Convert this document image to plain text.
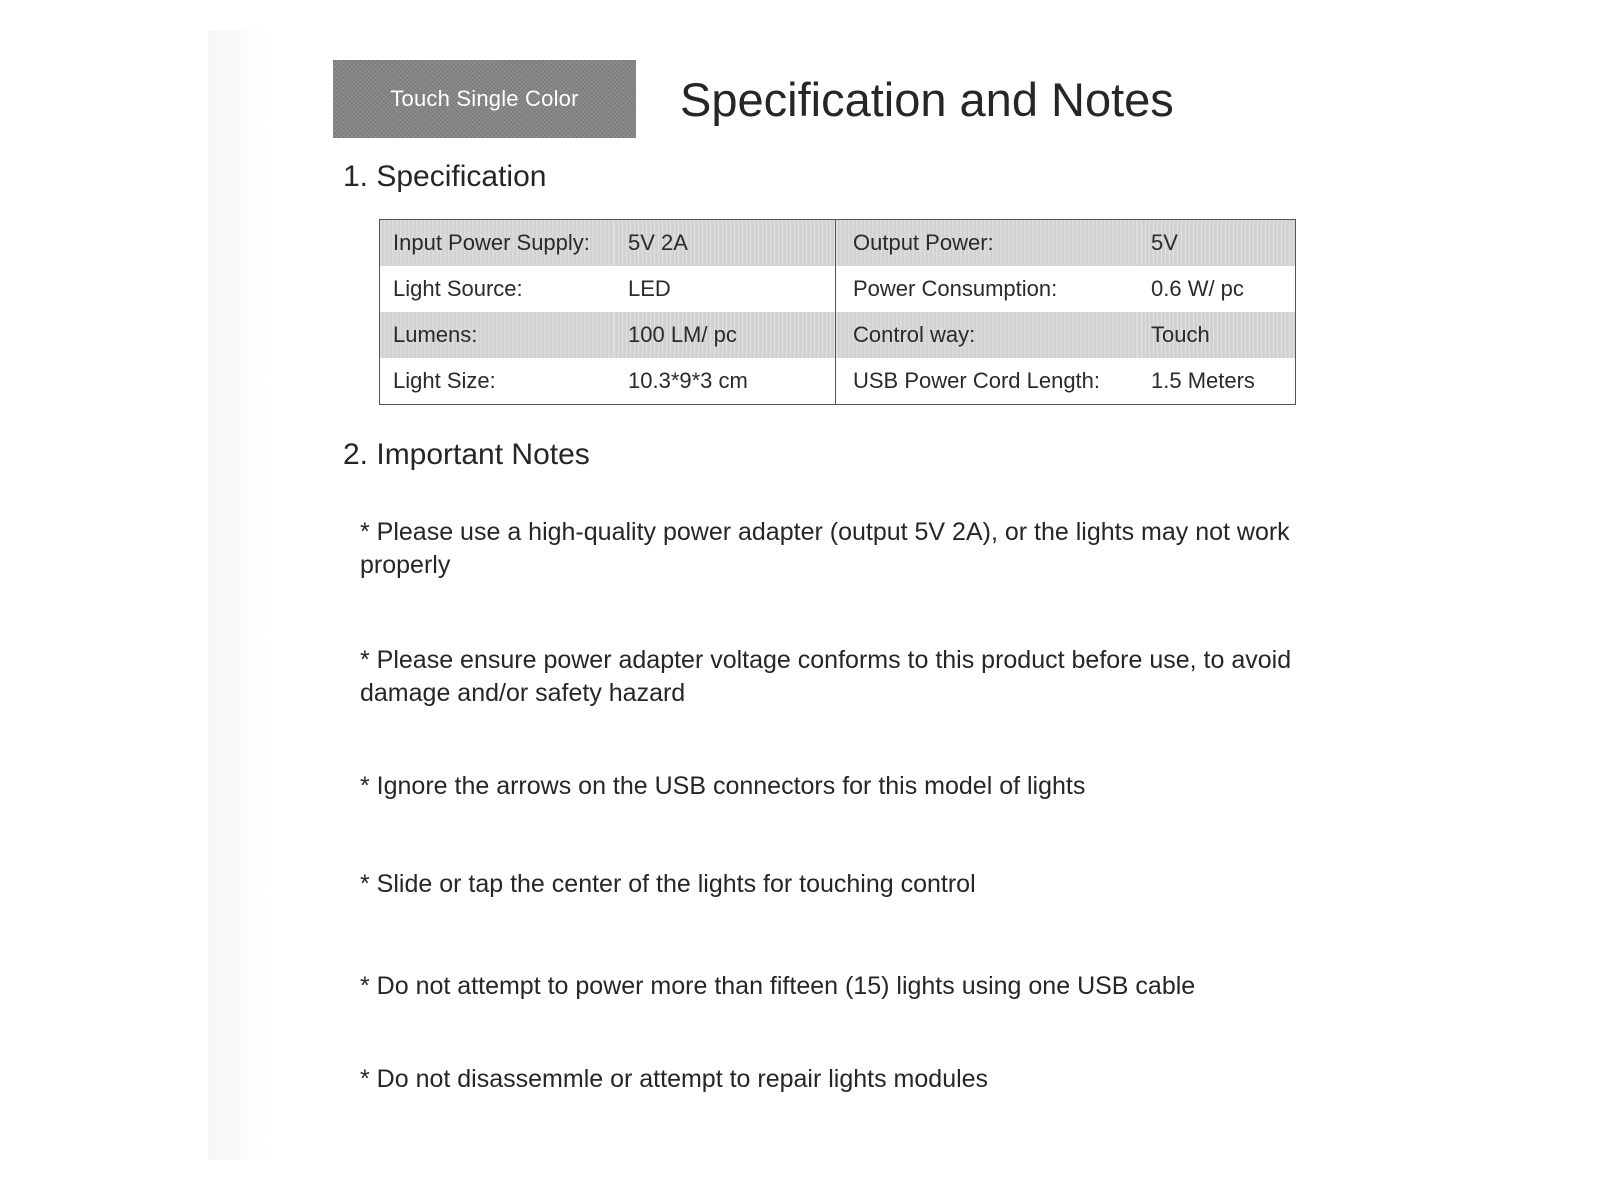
Touch Single Color Specification and Notes
1. Specification
Input Power Supply:	5V 2A	Output Power:	5V
Light Source:	LED	Power Consumption:	0.6 W/ pc
Lumens:	100 LM/ pc	Control way:	Touch
Light Size:	10.3*9*3 cm	USB Power Cord Length:	1.5 Meters
2. Important Notes

* Please use a high-quality power adapter (output 5V 2A), or the lights may not work properly

* Please ensure power adapter voltage conforms to this product before use, to avoid damage and/or safety hazard

* Ignore the arrows on the USB connectors for this model of lights

* Slide or tap the center of the lights for touching control

* Do not attempt to power more than fifteen (15) lights using one USB cable

* Do not disassemmle or attempt to repair lights modules
